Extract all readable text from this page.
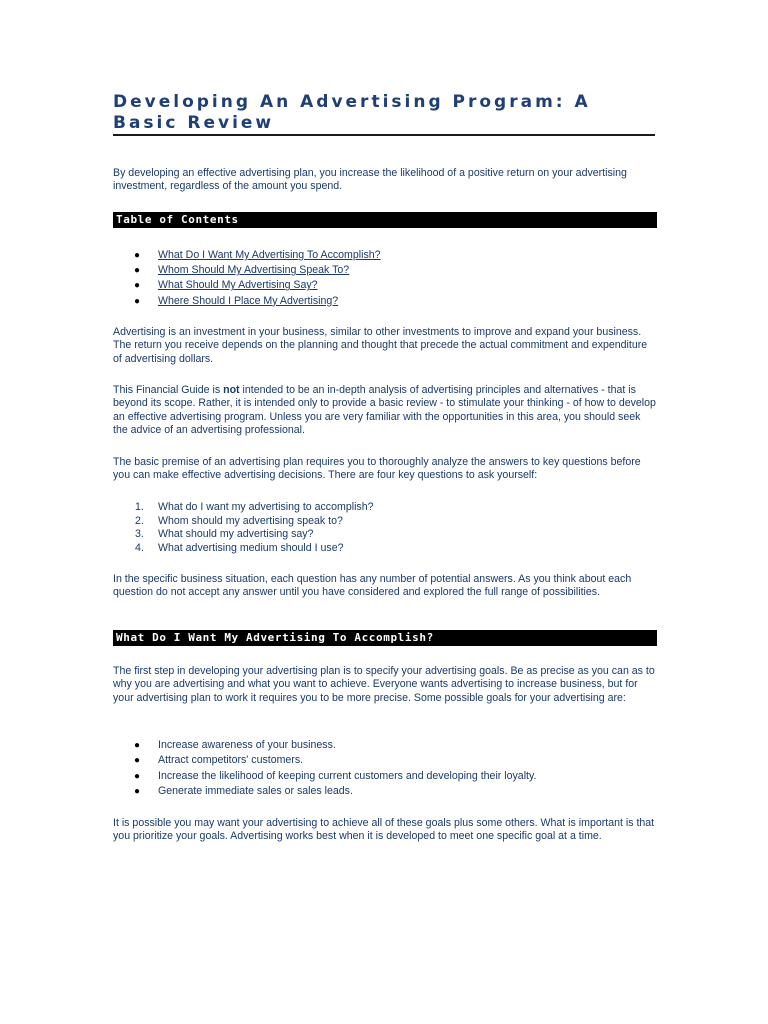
Developing An Advertising Program: A Basic Review

By developing an effective advertising plan, you increase the likelihood of a positive return on your advertising investment, regardless of the amount you spend.

Table of Contents
● What Do I Want My Advertising To Accomplish?
● Whom Should My Advertising Speak To?
● What Should My Advertising Say?
● Where Should I Place My Advertising?

Advertising is an investment in your business, similar to other investments to improve and expand your business. The return you receive depends on the planning and thought that precede the actual commitment and expenditure of advertising dollars.

This Financial Guide is not intended to be an in-depth analysis of advertising principles and alternatives - that is beyond its scope. Rather, it is intended only to provide a basic review - to stimulate your thinking - of how to develop an effective advertising program. Unless you are very familiar with the opportunities in this area, you should seek the advice of an advertising professional.

The basic premise of an advertising plan requires you to thoroughly analyze the answers to key questions before you can make effective advertising decisions. There are four key questions to ask yourself:

1. What do I want my advertising to accomplish?
2. Whom should my advertising speak to?
3. What should my advertising say?
4. What advertising medium should I use?

In the specific business situation, each question has any number of potential answers. As you think about each question do not accept any answer until you have considered and explored the full range of possibilities.

What Do I Want My Advertising To Accomplish?

The first step in developing your advertising plan is to specify your advertising goals. Be as precise as you can as to why you are advertising and what you want to achieve. Everyone wants advertising to increase business, but for your advertising plan to work it requires you to be more precise. Some possible goals for your advertising are:

● Increase awareness of your business.
● Attract competitors' customers.
● Increase the likelihood of keeping current customers and developing their loyalty.
● Generate immediate sales or sales leads.

It is possible you may want your advertising to achieve all of these goals plus some others. What is important is that you prioritize your goals. Advertising works best when it is developed to meet one specific goal at a time.
